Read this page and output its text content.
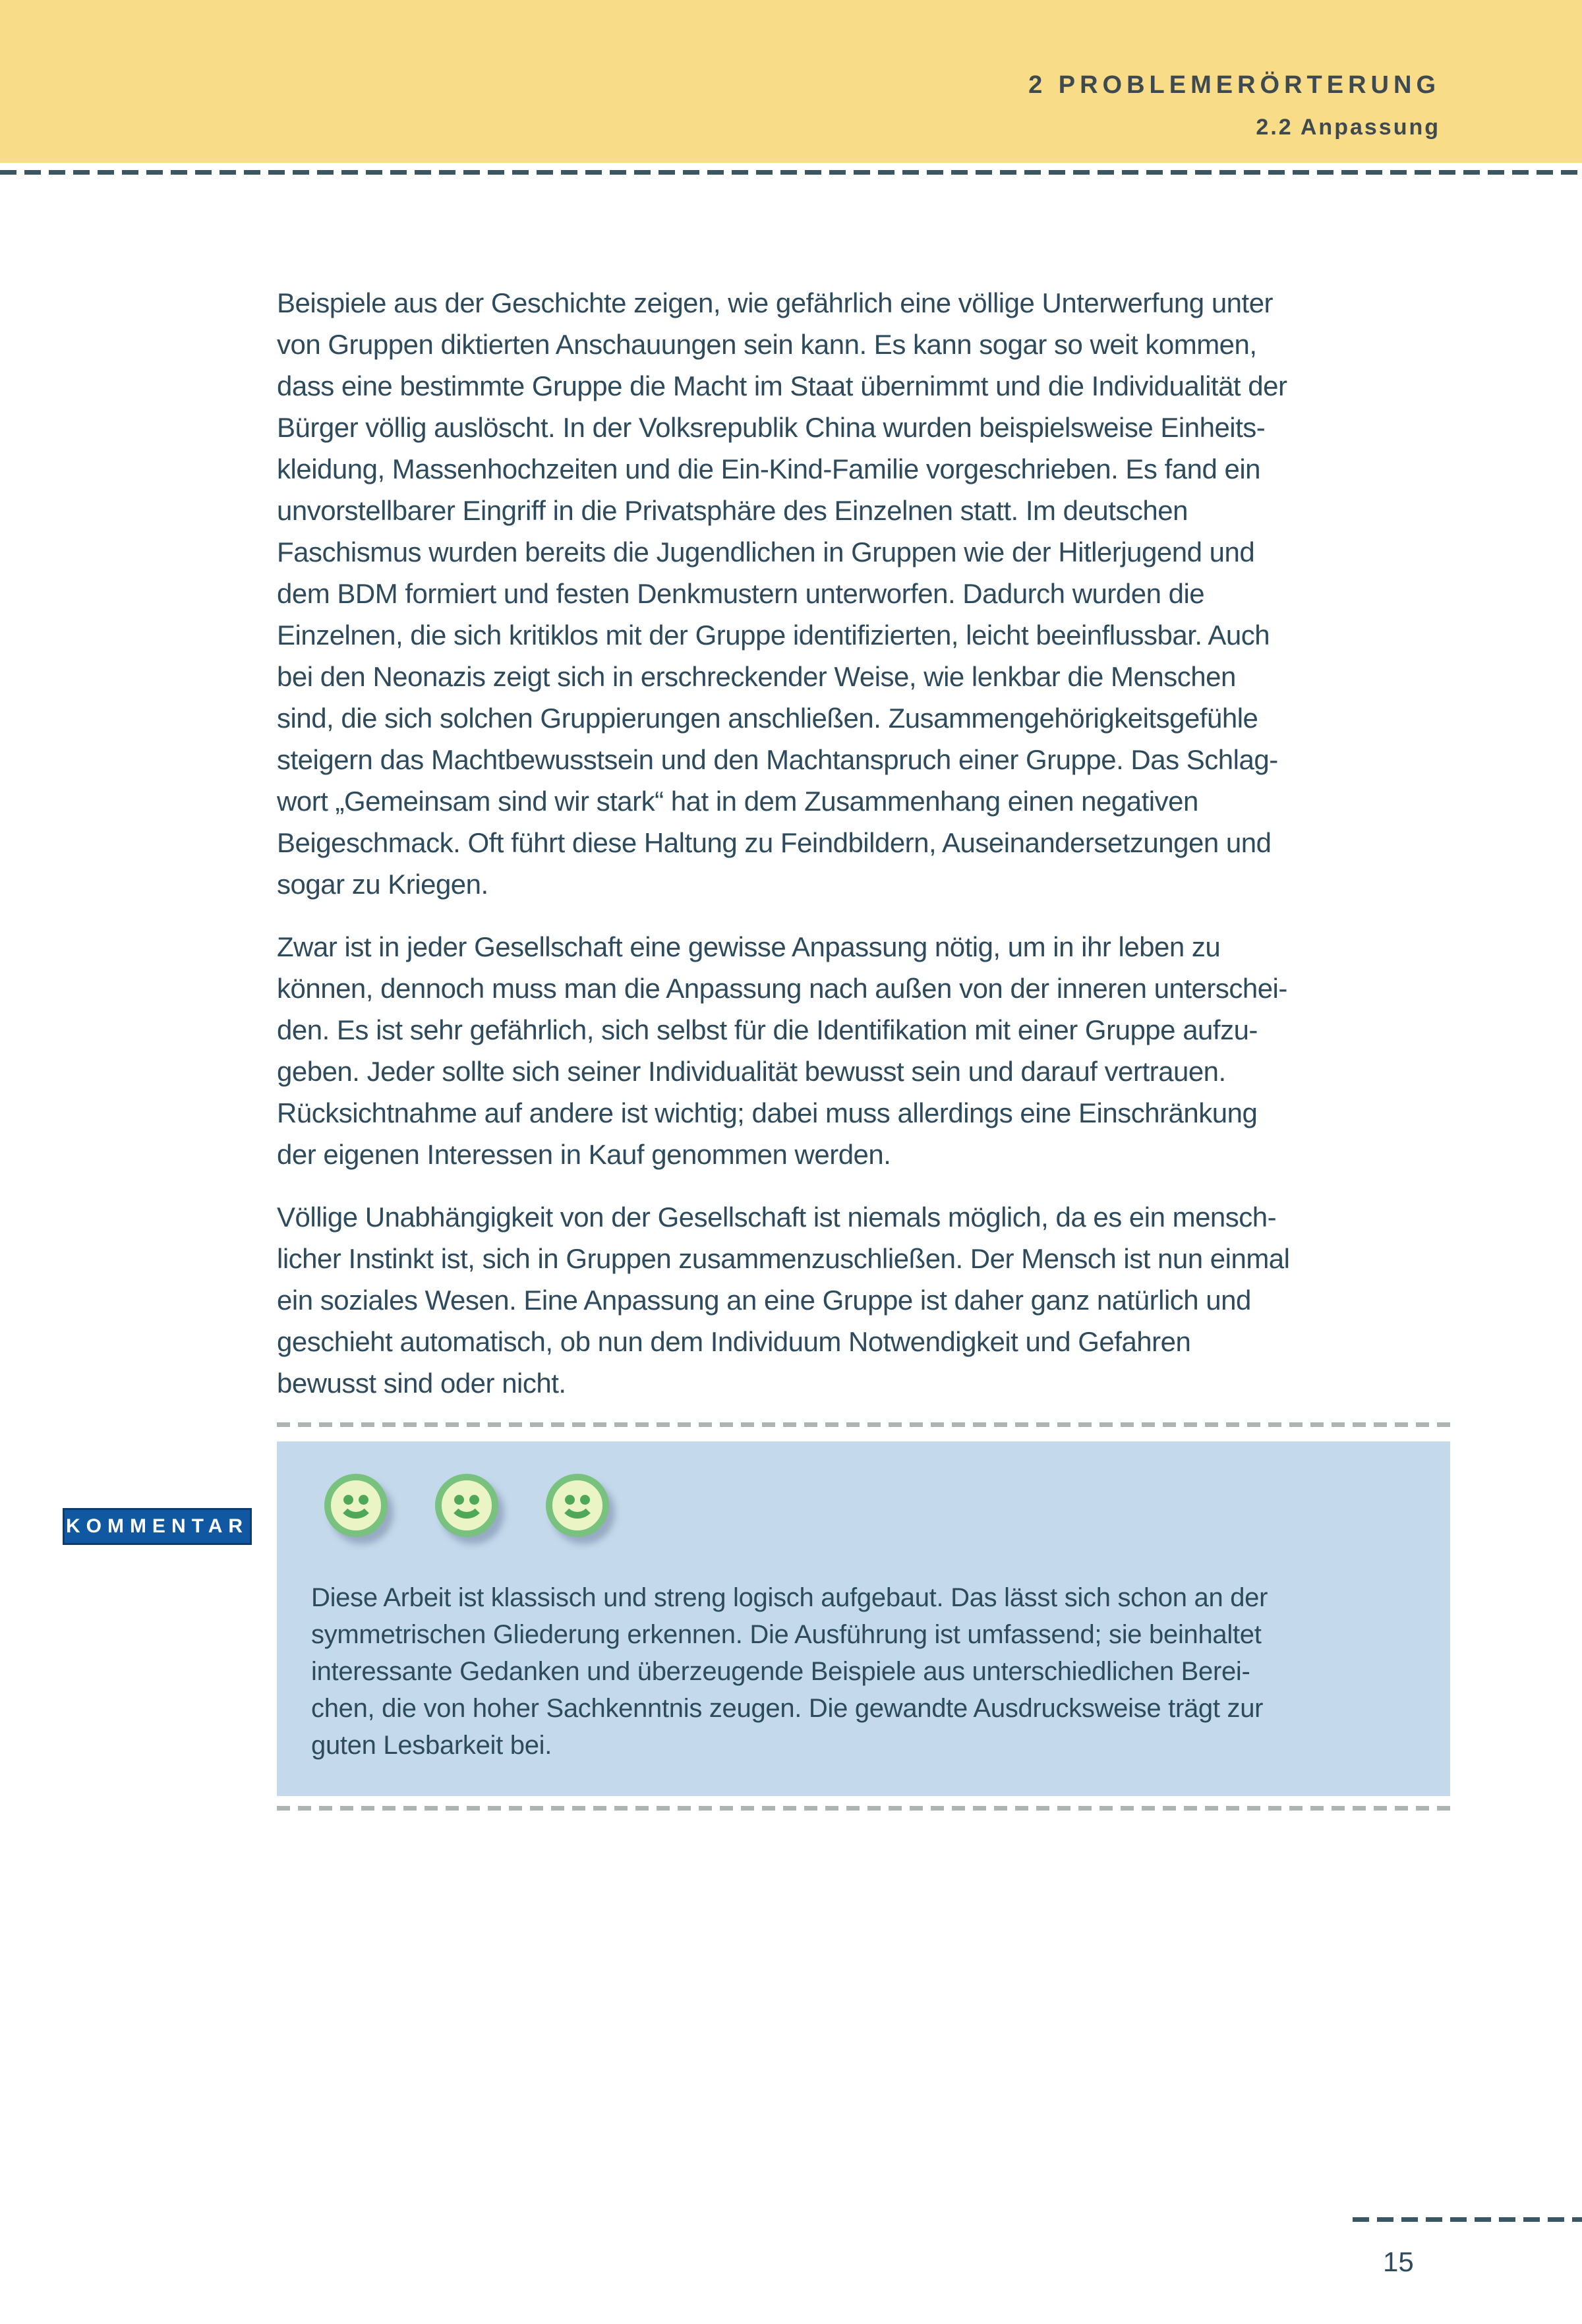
2 PROBLEMERÖRTERUNG
2.2 Anpassung
Beispiele aus der Geschichte zeigen, wie gefährlich eine völlige Unterwerfung unter
von Gruppen diktierten Anschauungen sein kann. Es kann sogar so weit kommen,
dass eine bestimmte Gruppe die Macht im Staat übernimmt und die Individualität der
Bürger völlig auslöscht. In der Volksrepublik China wurden beispielsweise Einheits-
kleidung, Massenhochzeiten und die Ein-Kind-Familie vorgeschrieben. Es fand ein
unvorstellbarer Eingriff in die Privatsphäre des Einzelnen statt. Im deutschen
Faschismus wurden bereits die Jugendlichen in Gruppen wie der Hitlerjugend und
dem BDM formiert und festen Denkmustern unterworfen. Dadurch wurden die
Einzelnen, die sich kritiklos mit der Gruppe identifizierten, leicht beeinflussbar. Auch
bei den Neonazis zeigt sich in erschreckender Weise, wie lenkbar die Menschen
sind, die sich solchen Gruppierungen anschließen. Zusammengehörigkeitsgefühle
steigern das Machtbewusstsein und den Machtanspruch einer Gruppe. Das Schlag-
wort „Gemeinsam sind wir stark“ hat in dem Zusammenhang einen negativen
Beigeschmack. Oft führt diese Haltung zu Feindbildern, Auseinandersetzungen und
sogar zu Kriegen.
Zwar ist in jeder Gesellschaft eine gewisse Anpassung nötig, um in ihr leben zu
können, dennoch muss man die Anpassung nach außen von der inneren unterschei-
den. Es ist sehr gefährlich, sich selbst für die Identifikation mit einer Gruppe aufzu-
geben. Jeder sollte sich seiner Individualität bewusst sein und darauf vertrauen.
Rücksichtnahme auf andere ist wichtig; dabei muss allerdings eine Einschränkung
der eigenen Interessen in Kauf genommen werden.
Völlige Unabhängigkeit von der Gesellschaft ist niemals möglich, da es ein mensch-
licher Instinkt ist, sich in Gruppen zusammenzuschließen. Der Mensch ist nun einmal
ein soziales Wesen. Eine Anpassung an eine Gruppe ist daher ganz natürlich und
geschieht automatisch, ob nun dem Individuum Notwendigkeit und Gefahren
bewusst sind oder nicht.
Diese Arbeit ist klassisch und streng logisch aufgebaut. Das lässt sich schon an der
symmetrischen Gliederung erkennen. Die Ausführung ist umfassend; sie beinhaltet
interessante Gedanken und überzeugende Beispiele aus unterschiedlichen Berei-
chen, die von hoher Sachkenntnis zeugen. Die gewandte Ausdrucksweise trägt zur
guten Lesbarkeit bei.
KOMMENTAR
15
